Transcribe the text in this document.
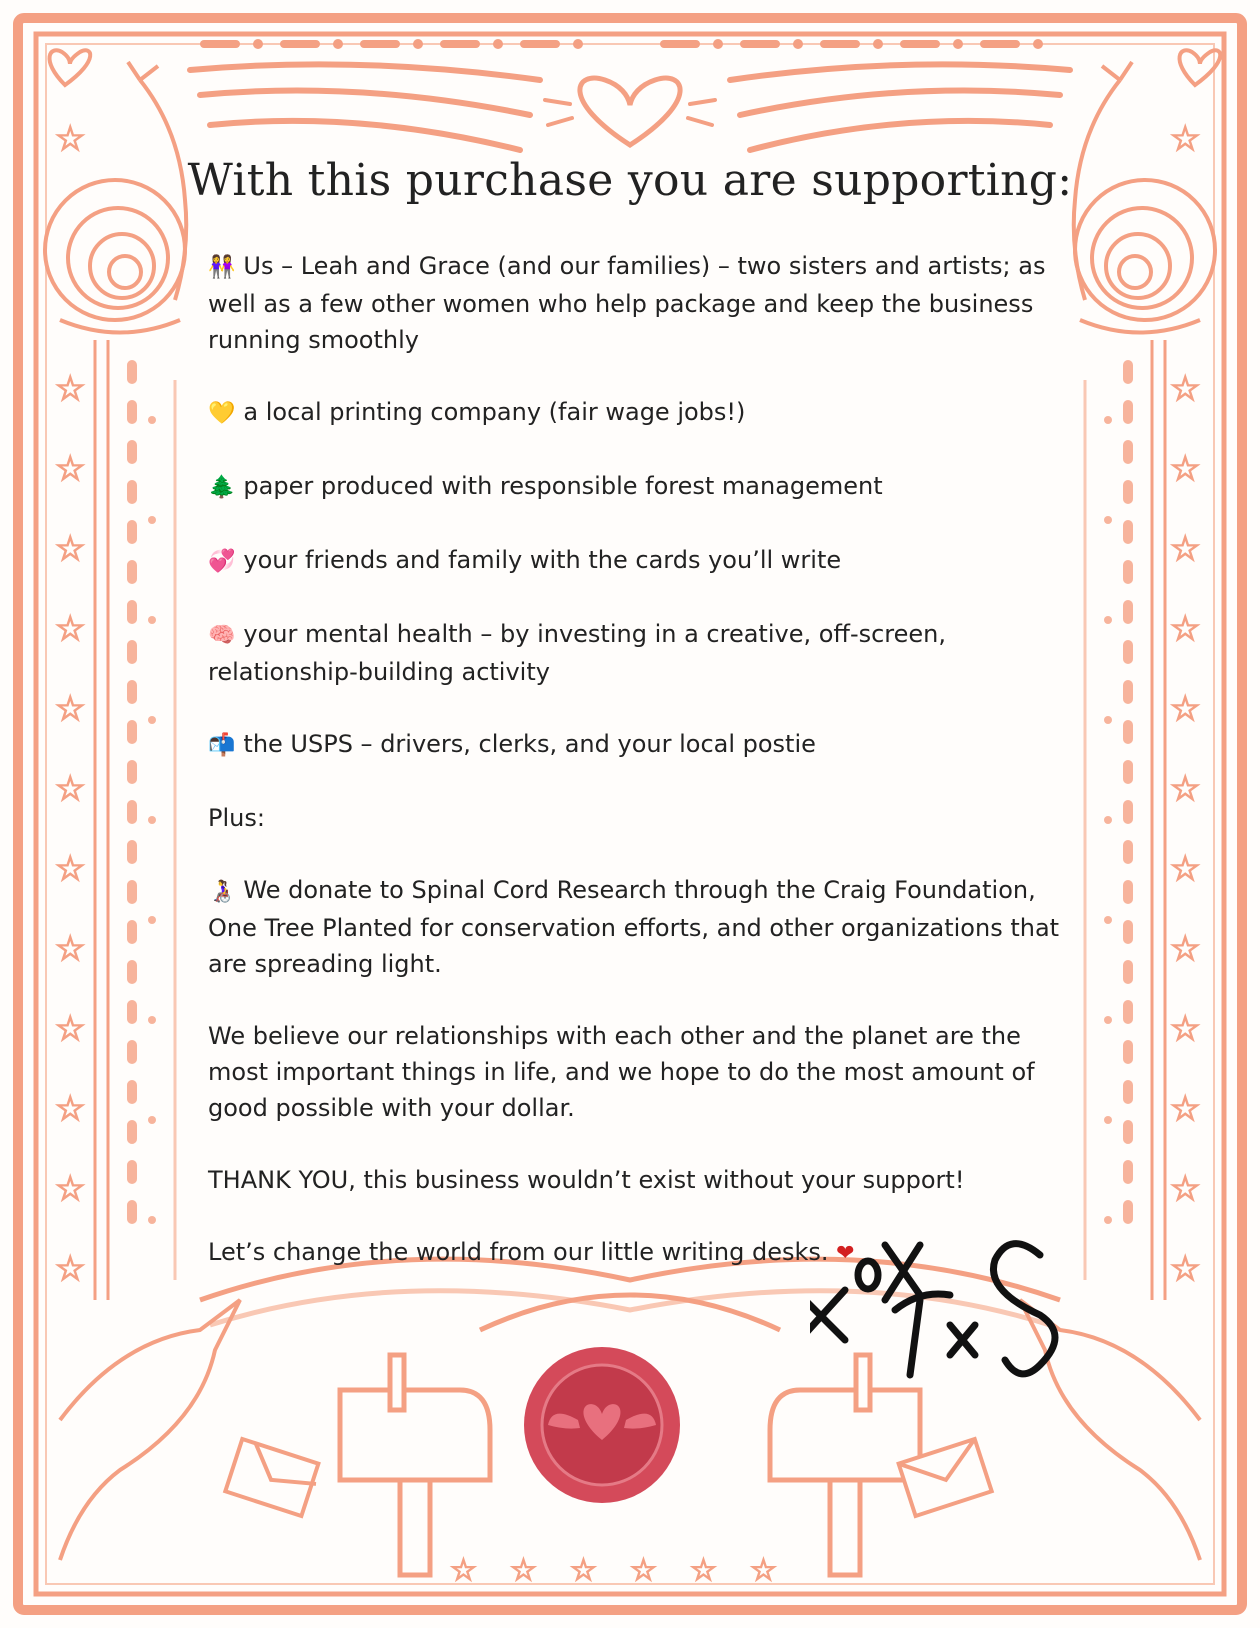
☆
☆
☆
☆
☆
☆
☆
☆
☆
☆
☆
☆
☆
☆
☆
☆
☆
☆
☆
☆
☆
☆
☆
☆
☆
☆
☆ ☆ ☆ ☆ ☆ ☆
With this purchase you are supporting:

👭 Us – Leah and Grace (and our families) – two sisters and artists; as well as a few other women who help package and keep the business running smoothly

💛 a local printing company (fair wage jobs!)

🌲 paper produced with responsible forest management

💞 your friends and family with the cards you’ll write

🧠 your mental health – by investing in a creative, off-screen, relationship-building activity

📬 the USPS – drivers, clerks, and your local postie

Plus:

👩‍🦽 We donate to Spinal Cord Research through the Craig Foundation, One Tree Planted for conservation efforts, and other organizations that are spreading light.

We believe our relationships with each other and the planet are the most important things in life, and we hope to do the most amount of good possible with your dollar.

THANK YOU, this business wouldn’t exist without your support!

Let’s change the world from our little writing desks. ❤
